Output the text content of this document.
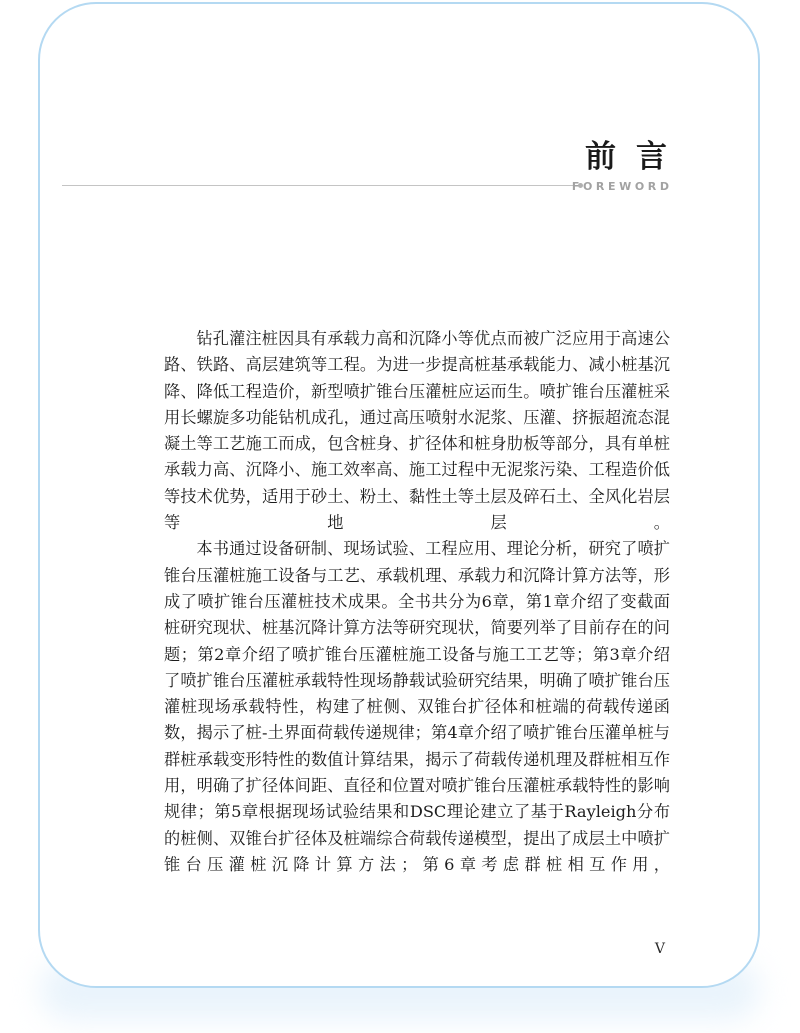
前言
FOREWORD

钻孔灌注桩因具有承载力高和沉降小等优点而被广泛应用于高速公路、铁路、高层建筑等工程。为进一步提高桩基承载能力、减小桩基沉降、降低工程造价，新型喷扩锥台压灌桩应运而生。喷扩锥台压灌桩采用长螺旋多功能钻机成孔，通过高压喷射水泥浆、压灌、挤振超流态混凝土等工艺施工而成，包含桩身、扩径体和桩身肋板等部分，具有单桩承载力高、沉降小、施工效率高、施工过程中无泥浆污染、工程造价低等技术优势，适用于砂土、粉土、黏性土等土层及碎石土、全风化岩层等地层。

本书通过设备研制、现场试验、工程应用、理论分析，研究了喷扩锥台压灌桩施工设备与工艺、承载机理、承载力和沉降计算方法等，形成了喷扩锥台压灌桩技术成果。全书共分为6章，第1章介绍了变截面桩研究现状、桩基沉降计算方法等研究现状，简要列举了目前存在的问题；第2章介绍了喷扩锥台压灌桩施工设备与施工工艺等；第3章介绍了喷扩锥台压灌桩承载特性现场静载试验研究结果，明确了喷扩锥台压灌桩现场承载特性，构建了桩侧、双锥台扩径体和桩端的荷载传递函数，揭示了桩-土界面荷载传递规律；第4章介绍了喷扩锥台压灌单桩与群桩承载变形特性的数值计算结果，揭示了荷载传递机理及群桩相互作用，明确了扩径体间距、直径和位置对喷扩锥台压灌桩承载特性的影响规律；第5章根据现场试验结果和DSC理论建立了基于Rayleigh分布的桩侧、双锥台扩径体及桩端综合荷载传递模型，提出了成层土中喷扩锥台压灌桩沉降计算方法；第6章考虑群桩相互作用，

V
